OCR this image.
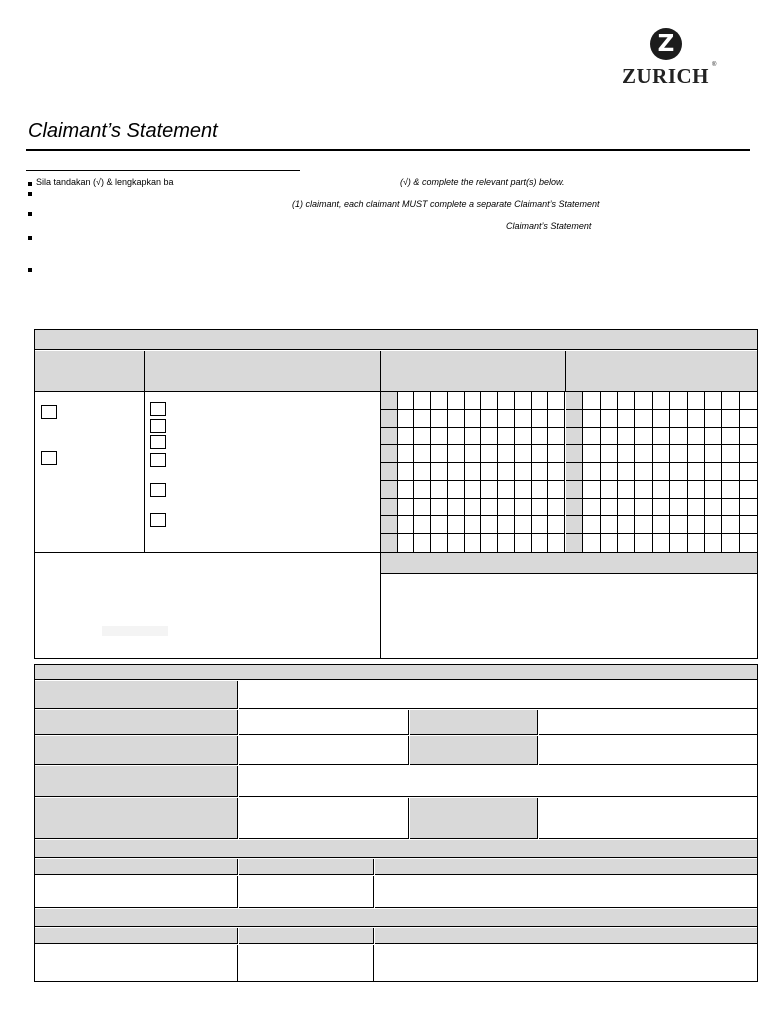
Z
ZURICH ®
Claimant’s Statement
Sila tandakan (√) & lengkapkan ba	(√) & complete the relevant part(s) below.
(1) claimant, each claimant MUST complete a separate Claimant’s Statement
Claimant’s Statement
